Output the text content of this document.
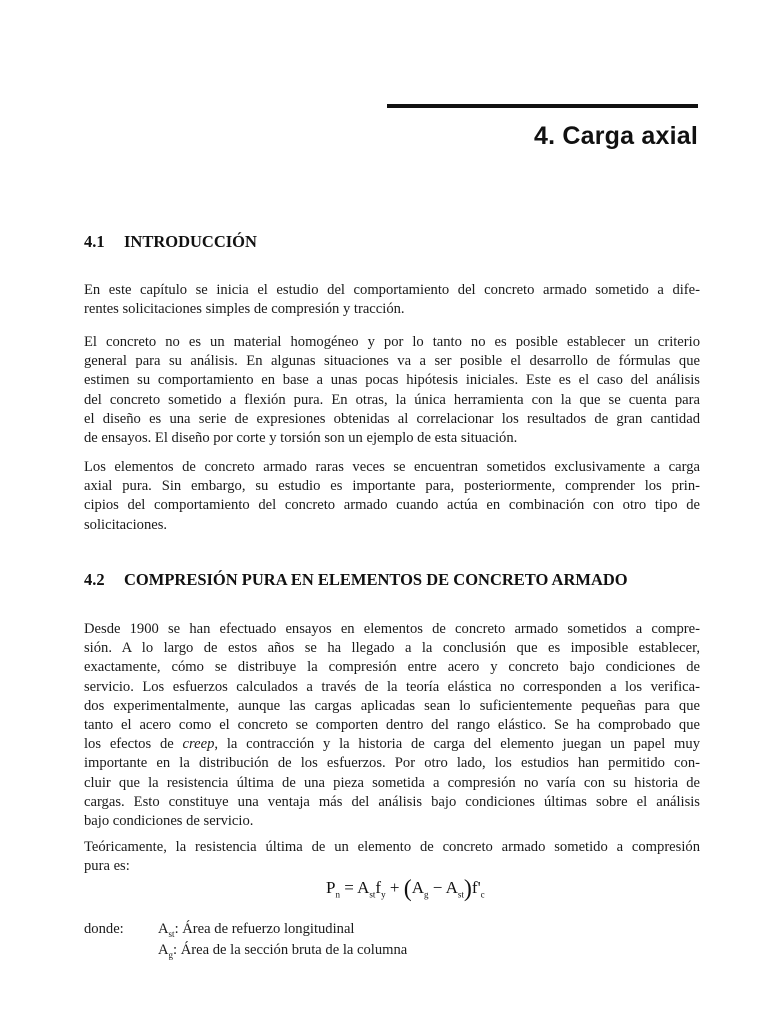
4. Carga axial
4.1 INTRODUCCIÓN
En este capítulo se inicia el estudio del comportamiento del concreto armado sometido a dife-
rentes solicitaciones simples de compresión y tracción.
El concreto no es un material homogéneo y por lo tanto no es posible establecer un criterio
general para su análisis. En algunas situaciones va a ser posible el desarrollo de fórmulas que
estimen su comportamiento en base a unas pocas hipótesis iniciales. Este es el caso del análisis
del concreto sometido a flexión pura. En otras, la única herramienta con la que se cuenta para
el diseño es una serie de expresiones obtenidas al correlacionar los resultados de gran cantidad
de ensayos. El diseño por corte y torsión son un ejemplo de esta situación.
Los elementos de concreto armado raras veces se encuentran sometidos exclusivamente a carga
axial pura. Sin embargo, su estudio es importante para, posteriormente, comprender los prin-
cipios del comportamiento del concreto armado cuando actúa en combinación con otro tipo de
solicitaciones.
4.2 COMPRESIÓN PURA EN ELEMENTOS DE CONCRETO ARMADO
Desde 1900 se han efectuado ensayos en elementos de concreto armado sometidos a compre-
sión. A lo largo de estos años se ha llegado a la conclusión que es imposible establecer,
exactamente, cómo se distribuye la compresión entre acero y concreto bajo condiciones de
servicio. Los esfuerzos calculados a través de la teoría elástica no corresponden a los verifica-
dos experimentalmente, aunque las cargas aplicadas sean lo suficientemente pequeñas para que
tanto el acero como el concreto se comporten dentro del rango elástico. Se ha comprobado que
los efectos de creep, la contracción y la historia de carga del elemento juegan un papel muy
importante en la distribución de los esfuerzos. Por otro lado, los estudios han permitido con-
cluir que la resistencia última de una pieza sometida a compresión no varía con su historia de
cargas. Esto constituye una ventaja más del análisis bajo condiciones últimas sobre el análisis
bajo condiciones de servicio.
Teóricamente, la resistencia última de un elemento de concreto armado sometido a compresión
pura es:
$P_n = A_{st}f_y + (A_g - A_{st})f'_c$
donde: $A_{st}$: Área de refuerzo longitudinal
$A_g$: Área de la sección bruta de la columna
